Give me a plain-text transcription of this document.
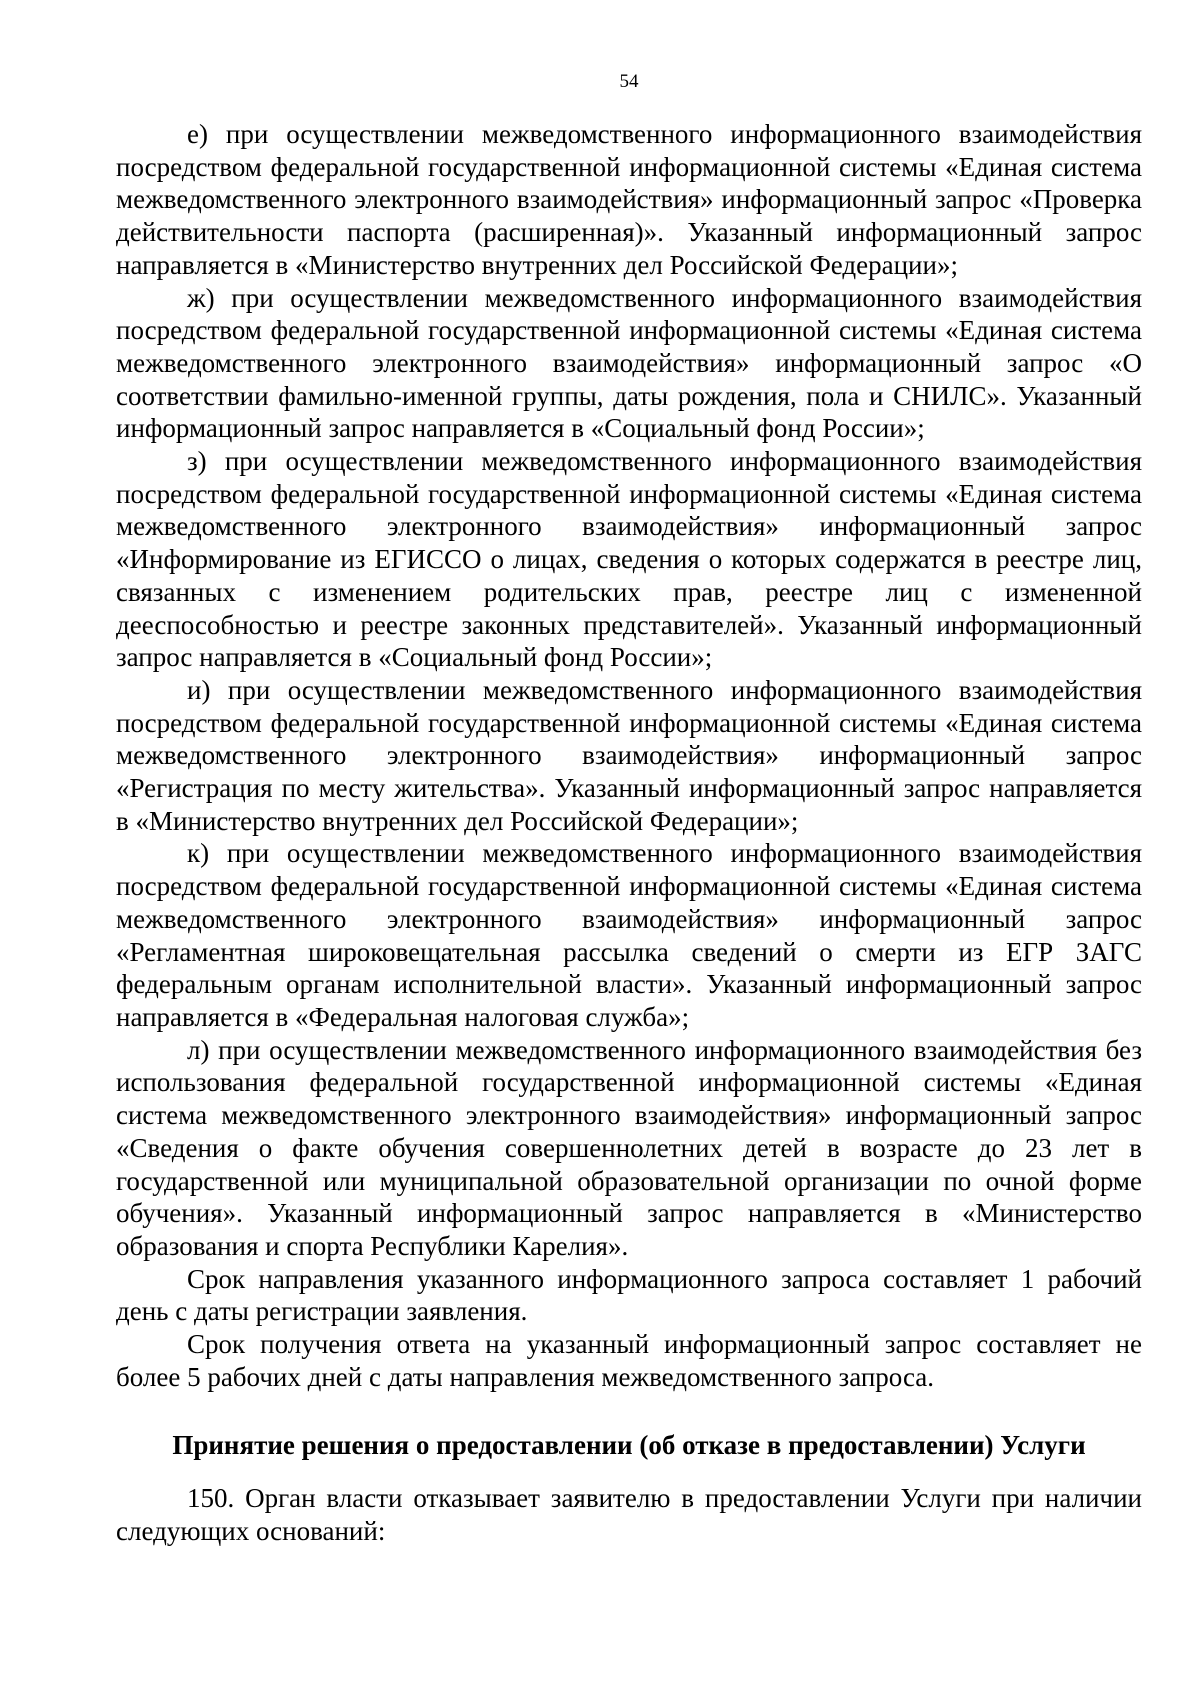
54

е) при осуществлении межведомственного информационного взаимодействия посредством федеральной государственной информационной системы «Единая система межведомственного электронного взаимодействия» информационный запрос «Проверка действительности паспорта (расширенная)». Указанный информационный запрос направляется в «Министерство внутренних дел Российской Федерации»;

ж) при осуществлении межведомственного информационного взаимодействия посредством федеральной государственной информационной системы «Единая система межведомственного электронного взаимодействия» информационный запрос «О соответствии фамильно-именной группы, даты рождения, пола и СНИЛС». Указанный информационный запрос направляется в «Социальный фонд России»;

з) при осуществлении межведомственного информационного взаимодействия посредством федеральной государственной информационной системы «Единая система межведомственного электронного взаимодействия» информационный запрос «Информирование из ЕГИССО о лицах, сведения о которых содержатся в реестре лиц, связанных с изменением родительских прав, реестре лиц с измененной дееспособностью и реестре законных представителей». Указанный информационный запрос направляется в «Социальный фонд России»;

и) при осуществлении межведомственного информационного взаимодействия посредством федеральной государственной информационной системы «Единая система межведомственного электронного взаимодействия» информационный запрос «Регистрация по месту жительства». Указанный информационный запрос направляется в «Министерство внутренних дел Российской Федерации»;

к) при осуществлении межведомственного информационного взаимодействия посредством федеральной государственной информационной системы «Единая система межведомственного электронного взаимодействия» информационный запрос «Регламентная широковещательная рассылка сведений о смерти из ЕГР ЗАГС федеральным органам исполнительной власти». Указанный информационный запрос направляется в «Федеральная налоговая служба»;

л) при осуществлении межведомственного информационного взаимодействия без использования федеральной государственной информационной системы «Единая система межведомственного электронного взаимодействия» информационный запрос «Сведения о факте обучения совершеннолетних детей в возрасте до 23 лет в государственной или муниципальной образовательной организации по очной форме обучения». Указанный информационный запрос направляется в «Министерство образования и спорта Республики Карелия».

Срок направления указанного информационного запроса составляет 1 рабочий день с даты регистрации заявления.

Срок получения ответа на указанный информационный запрос составляет не более 5 рабочих дней с даты направления межведомственного запроса.

Принятие решения о предоставлении (об отказе в предоставлении) Услуги

150. Орган власти отказывает заявителю в предоставлении Услуги при наличии следующих оснований:
